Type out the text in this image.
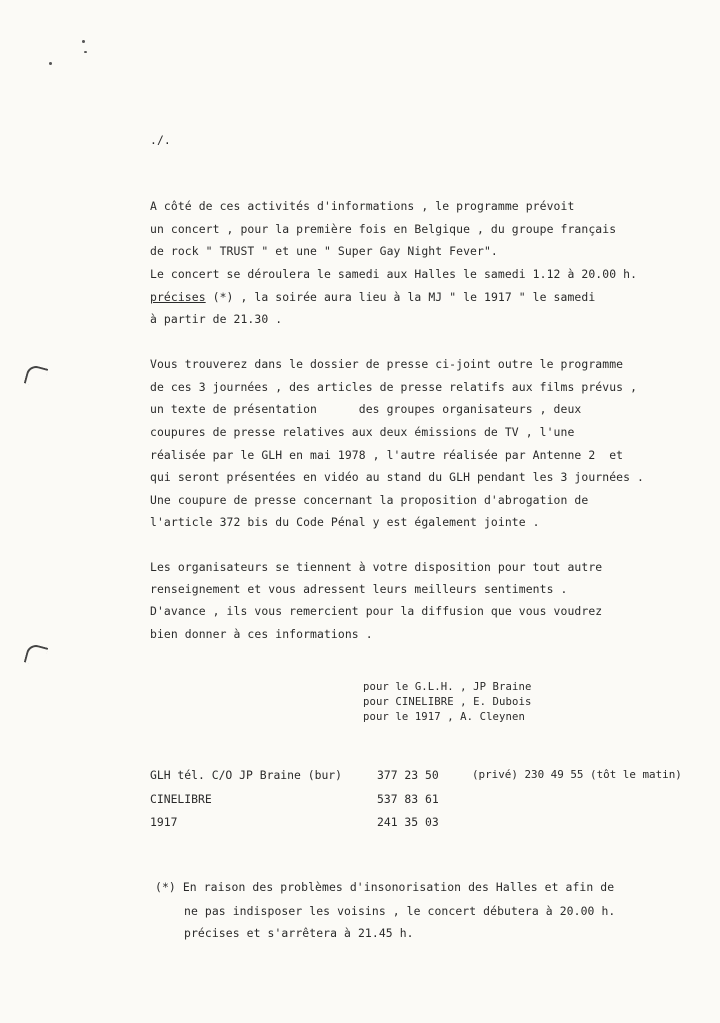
./.
A côté de ces activités d'informations , le programme prévoit
un concert , pour la première fois en Belgique , du groupe français
de rock " TRUST " et une " Super Gay Night Fever".
Le concert se déroulera le samedi aux Halles le samedi 1.12 à 20.00 h.
précises (*) , la soirée aura lieu à la MJ " le 1917 " le samedi
à partir de 21.30 .
Vous trouverez dans le dossier de presse ci-joint outre le programme
de ces 3 journées , des articles de presse relatifs aux films prévus ,
un texte de présentation      des groupes organisateurs , deux
coupures de presse relatives aux deux émissions de TV , l'une
réalisée par le GLH en mai 1978 , l'autre réalisée par Antenne 2  et
qui seront présentées en vidéo au stand du GLH pendant les 3 journées .
Une coupure de presse concernant la proposition d'abrogation de
l'article 372 bis du Code Pénal y est également jointe .
Les organisateurs se tiennent à votre disposition pour tout autre
renseignement et vous adressent leurs meilleurs sentiments .
D'avance , ils vous remercient pour la diffusion que vous voudrez
bien donner à ces informations .
pour le G.L.H. , JP Braine
pour CINELIBRE , E. Dubois
pour le 1917 , A. Cleynen
GLH tél. C/O JP Braine (bur)	377 23 50	(privé) 230 49 55 (tôt le matin)
CINELIBRE	537 83 61
1917	241 35 03
(*) En raison des problèmes d'insonorisation des Halles et afin de
ne pas indisposer les voisins , le concert débutera à 20.00 h.
précises et s'arrêtera à 21.45 h.
